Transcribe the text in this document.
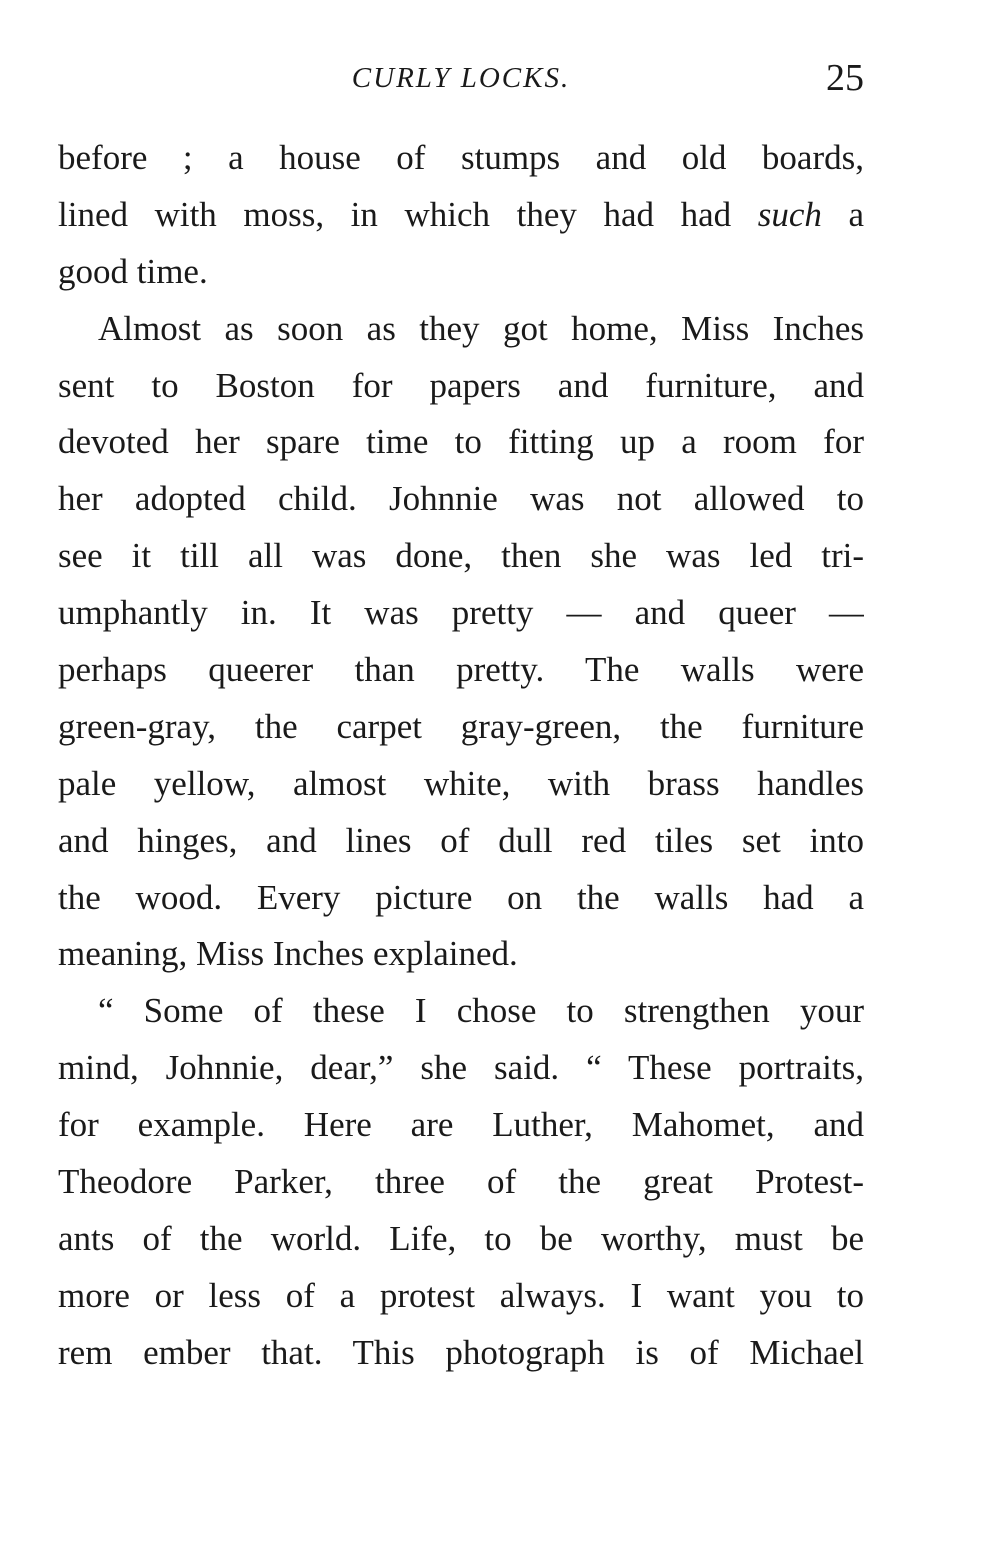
CURLY LOCKS.	25
before ; a house of stumps and old boards,
lined with moss, in which they had had such a
good time.
Almost as soon as they got home, Miss Inches
sent to Boston for papers and furniture, and
devoted her spare time to fitting up a room for
her adopted child. Johnnie was not allowed to
see it till all was done, then she was led tri-
umphantly in. It was pretty — and queer —
perhaps queerer than pretty. The walls were
green-gray, the carpet gray-green, the furniture
pale yellow, almost white, with brass handles
and hinges, and lines of dull red tiles set into
the wood. Every picture on the walls had a
meaning, Miss Inches explained.
“ Some of these I chose to strengthen your
mind, Johnnie, dear,” she said. “ These portraits,
for example. Here are Luther, Mahomet, and
Theodore Parker, three of the great Protest-
ants of the world. Life, to be worthy, must be
more or less of a protest always. I want you to
rem ember that. This photograph is of Michael
